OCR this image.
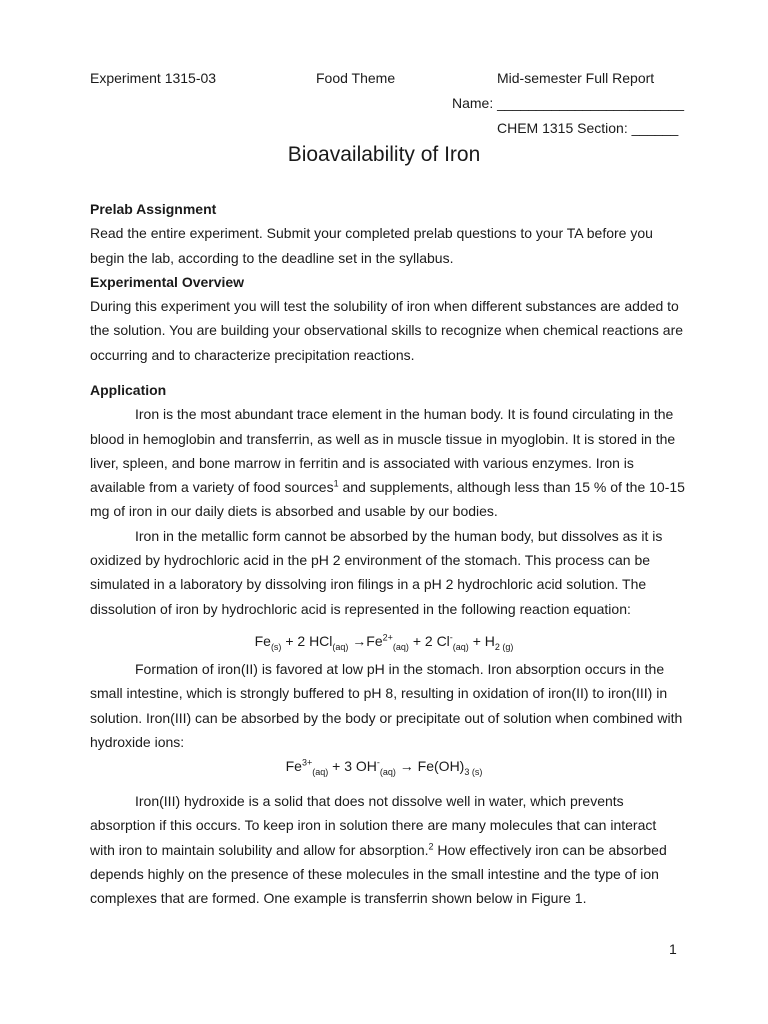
Experiment 1315-03	Food Theme	Mid-semester Full Report
Name: ________________________
CHEM 1315 Section: ______
Bioavailability of Iron
Prelab Assignment
Read the entire experiment. Submit your completed prelab questions to your TA before you
begin the lab, according to the deadline set in the syllabus.
Experimental Overview
During this experiment you will test the solubility of iron when different substances are added to
the solution. You are building your observational skills to recognize when chemical reactions are
occurring and to characterize precipitation reactions.
Application
Iron is the most abundant trace element in the human body. It is found circulating in the
blood in hemoglobin and transferrin, as well as in muscle tissue in myoglobin. It is stored in the
liver, spleen, and bone marrow in ferritin and is associated with various enzymes. Iron is
available from a variety of food sources$^1$ and supplements, although less than 15 % of the 10-15
mg of iron in our daily diets is absorbed and usable by our bodies.
Iron in the metallic form cannot be absorbed by the human body, but dissolves as it is
oxidized by hydrochloric acid in the pH 2 environment of the stomach. This process can be
simulated in a laboratory by dissolving iron filings in a pH 2 hydrochloric acid solution. The
dissolution of iron by hydrochloric acid is represented in the following reaction equation:
$Fe_{(s)} + 2$ $HCl_{(aq)} \to Fe^{2+}_{(aq)} + 2$ $Cl^-_{(aq)} + H_{2 (g)}$
Formation of iron(II) is favored at low pH in the stomach. Iron absorption occurs in the
small intestine, which is strongly buffered to pH 8, resulting in oxidation of iron(II) to iron(III) in
solution. Iron(III) can be absorbed by the body or precipitate out of solution when combined with
hydroxide ions:
$Fe^{3+}_{(aq)} + 3$ $OH^-_{(aq)} \to Fe(OH)_{3 (s)}$
Iron(III) hydroxide is a solid that does not dissolve well in water, which prevents
absorption if this occurs. To keep iron in solution there are many molecules that can interact
with iron to maintain solubility and allow for absorption.$^2$ How effectively iron can be absorbed
depends highly on the presence of these molecules in the small intestine and the type of ion
complexes that are formed. One example is transferrin shown below in Figure 1.
1
